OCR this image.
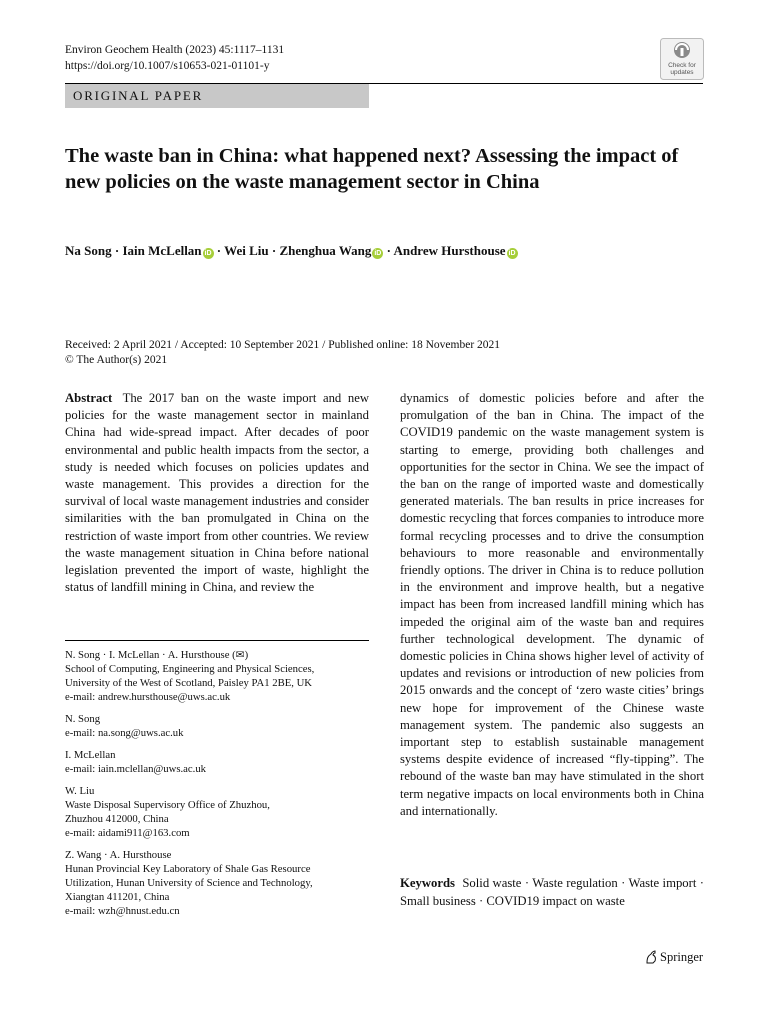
Environ Geochem Health (2023) 45:1117–1131
https://doi.org/10.1007/s10653-021-01101-y	Check for
updates
ORIGINAL PAPER
The waste ban in China: what happened next? Assessing the impact of new policies on the waste management sector in China
Na Song · Iain McLellan iD · Wei Liu · Zhenghua Wang iD · Andrew Hursthouse iD
Received: 2 April 2021 / Accepted: 10 September 2021 / Published online: 18 November 2021
© The Author(s) 2021
Abstract The 2017 ban on the waste import and new policies for the waste management sector in mainland China had wide-spread impact. After decades of poor environmental and public health impacts from the sector, a study is needed which focuses on policies updates and waste management. This provides a direction for the survival of local waste management industries and consider similarities with the ban promulgated in China on the restriction of waste import from other countries. We review the waste management situation in China before national legislation prevented the import of waste, highlight the status of landfill mining in China, and review the
dynamics of domestic policies before and after the promulgation of the ban in China. The impact of the COVID19 pandemic on the waste management system is starting to emerge, providing both challenges and opportunities for the sector in China. We see the impact of the ban on the range of imported waste and domestically generated materials. The ban results in price increases for domestic recycling that forces companies to introduce more formal recycling processes and to drive the consumption behaviours to more reasonable and environmentally friendly options. The driver in China is to reduce pollution in the environment and improve health, but a negative impact has been from increased landfill mining which has impeded the original aim of the waste ban and requires further technological development. The dynamic of domestic policies in China shows higher level of activity of updates and revisions or introduction of new policies from 2015 onwards and the concept of ‘zero waste cities’ brings new hope for improvement of the Chinese waste management system. The pandemic also suggests an important step to establish sustainable management systems despite evidence of increased “fly-tipping”. The rebound of the waste ban may have stimulated in the short term negative impacts on local environments both in China and internationally.
N. Song · I. McLellan · A. Hursthouse (✉)
School of Computing, Engineering and Physical Sciences,
University of the West of Scotland, Paisley PA1 2BE, UK
e-mail: andrew.hursthouse@uws.ac.uk
N. Song
e-mail: na.song@uws.ac.uk
I. McLellan
e-mail: iain.mclellan@uws.ac.uk
W. Liu
Waste Disposal Supervisory Office of Zhuzhou,
Zhuzhou 412000, China
e-mail: aidami911@163.com
Z. Wang · A. Hursthouse
Hunan Provincial Key Laboratory of Shale Gas Resource
Utilization, Hunan University of Science and Technology,
Xiangtan 411201, China
e-mail: wzh@hnust.edu.cn
Keywords Solid waste · Waste regulation · Waste import · Small business · COVID19 impact on waste
Springer
